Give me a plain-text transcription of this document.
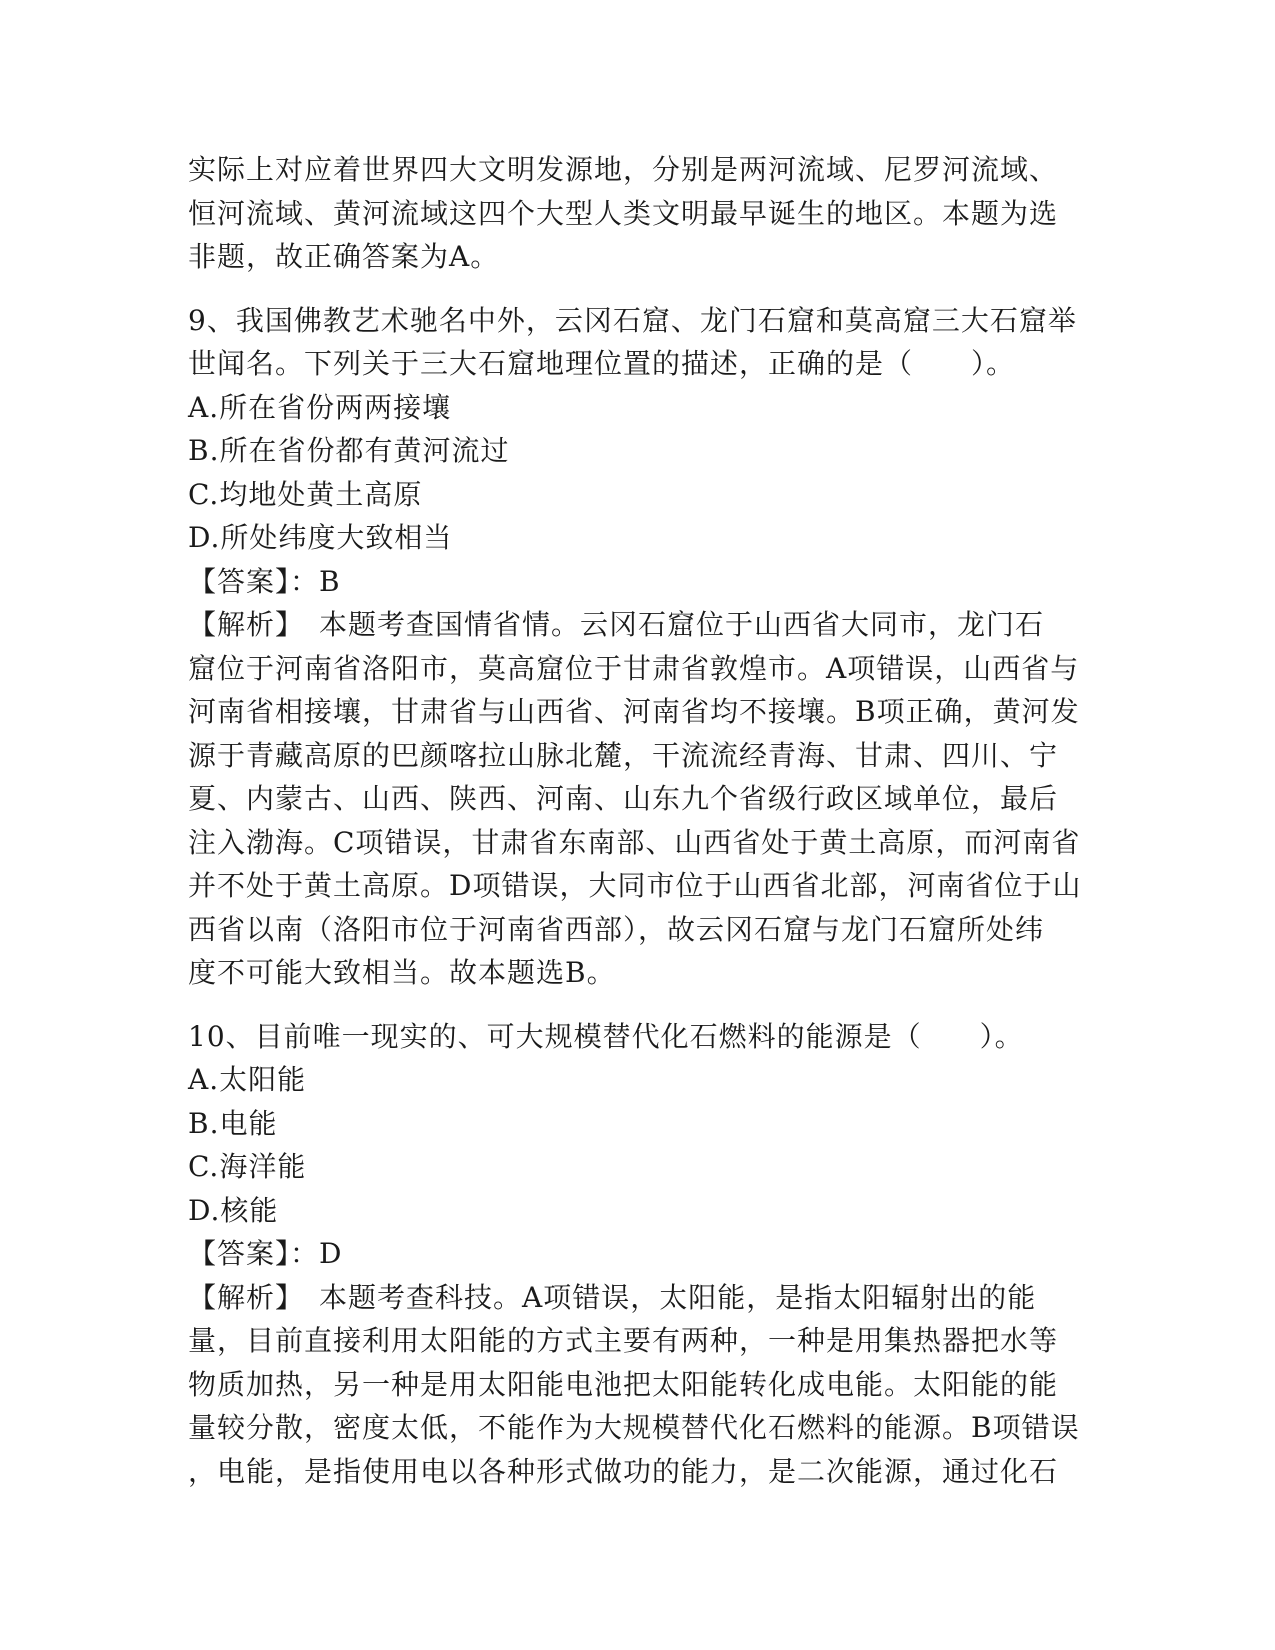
实际上对应着世界四大文明发源地，分别是两河流域、尼罗河流域、
恒河流域、黄河流域这四个大型人类文明最早诞生的地区。本题为选
非题，故正确答案为A。
9、我国佛教艺术驰名中外，云冈石窟、龙门石窟和莫高窟三大石窟举
世闻名。下列关于三大石窟地理位置的描述，正确的是（　　）。
A.所在省份两两接壤
B.所在省份都有黄河流过
C.均地处黄土高原
D.所处纬度大致相当
【答案】：B
【解析】　本题考查国情省情。云冈石窟位于山西省大同市，龙门石
窟位于河南省洛阳市，莫高窟位于甘肃省敦煌市。A项错误，山西省与
河南省相接壤，甘肃省与山西省、河南省均不接壤。B项正确，黄河发
源于青藏高原的巴颜喀拉山脉北麓，干流流经青海、甘肃、四川、宁
夏、内蒙古、山西、陕西、河南、山东九个省级行政区域单位，最后
注入渤海。C项错误，甘肃省东南部、山西省处于黄土高原，而河南省
并不处于黄土高原。D项错误，大同市位于山西省北部，河南省位于山
西省以南（洛阳市位于河南省西部），故云冈石窟与龙门石窟所处纬
度不可能大致相当。故本题选B。
10、目前唯一现实的、可大规模替代化石燃料的能源是（　　）。
A.太阳能
B.电能
C.海洋能
D.核能
【答案】：D
【解析】　本题考查科技。A项错误，太阳能，是指太阳辐射出的能
量，目前直接利用太阳能的方式主要有两种，一种是用集热器把水等
物质加热，另一种是用太阳能电池把太阳能转化成电能。太阳能的能
量较分散，密度太低，不能作为大规模替代化石燃料的能源。B项错误
，电能，是指使用电以各种形式做功的能力，是二次能源，通过化石
